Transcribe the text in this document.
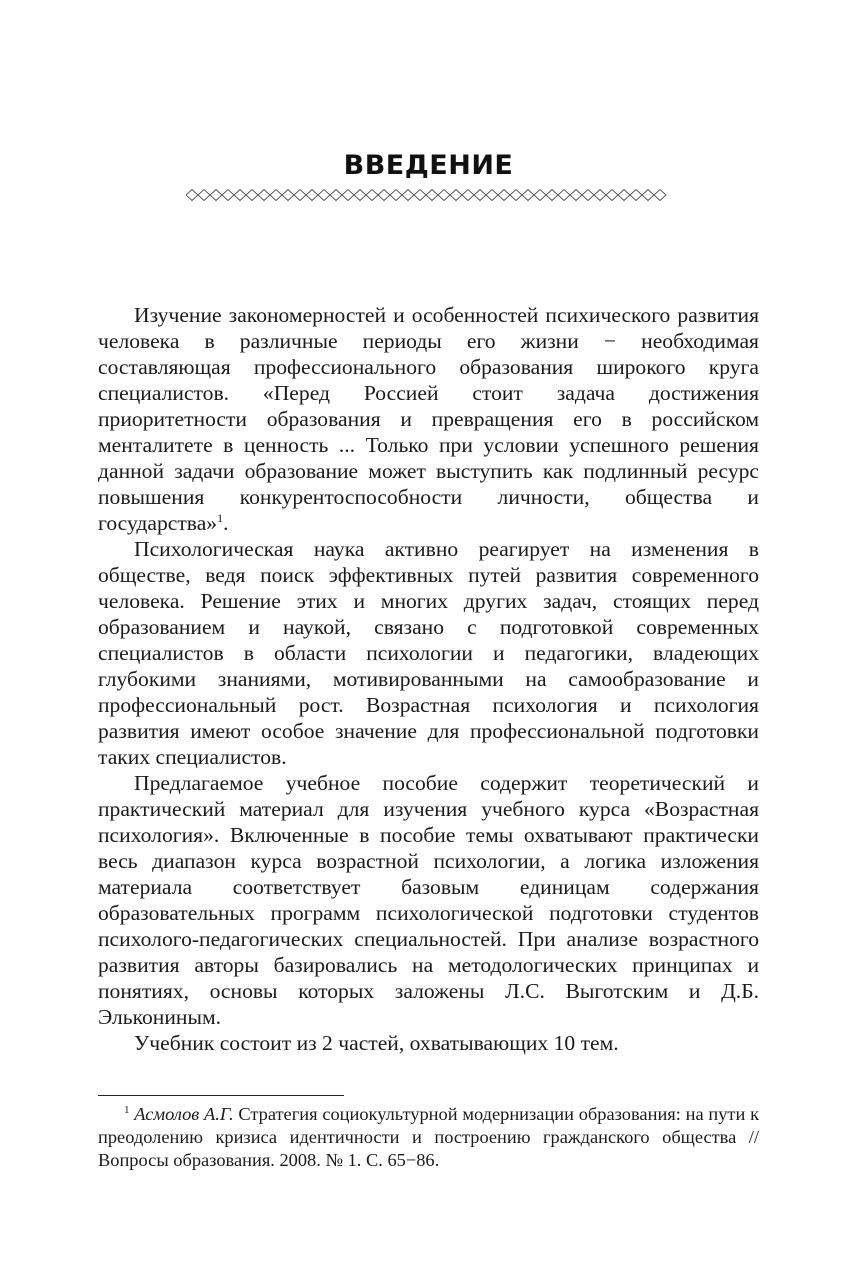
ВВЕДЕНИЕ

Изучение закономерностей и особенностей психического развития человека в различные периоды его жизни − необходимая составляющая профессионального образования широкого круга специалистов. «Перед Россией стоит задача достижения приоритетности образования и превращения его в российском менталитете в ценность ... Только при условии успешного решения данной задачи образование может выступить как подлинный ресурс повышения конкурентоспособности личности, общества и государства»$^1$.

Психологическая наука активно реагирует на изменения в обществе, ведя поиск эффективных путей развития современного человека. Решение этих и многих других задач, стоящих перед образованием и наукой, связано с подготовкой современных специалистов в области психологии и педагогики, владеющих глубокими знаниями, мотивированными на самообразование и профессиональный рост. Возрастная психология и психология развития имеют особое значение для профессиональной подготовки таких специалистов.

Предлагаемое учебное пособие содержит теоретический и практический материал для изучения учебного курса «Возрастная психология». Включенные в пособие темы охватывают практически весь диапазон курса возрастной психологии, а логика изложения материала соответствует базовым единицам содержания образовательных программ психологической подготовки студентов психолого-педагогических специальностей. При анализе возрастного развития авторы базировались на методологических принципах и понятиях, основы которых заложены Л.С. Выготским и Д.Б. Элькониным.

Учебник состоит из 2 частей, охватывающих 10 тем.

$^1$ Асмолов А.Г. Стратегия социокультурной модернизации образования: на пути к преодолению кризиса идентичности и построению гражданского общества // Вопросы образования. 2008. № 1. С. 65−86.
